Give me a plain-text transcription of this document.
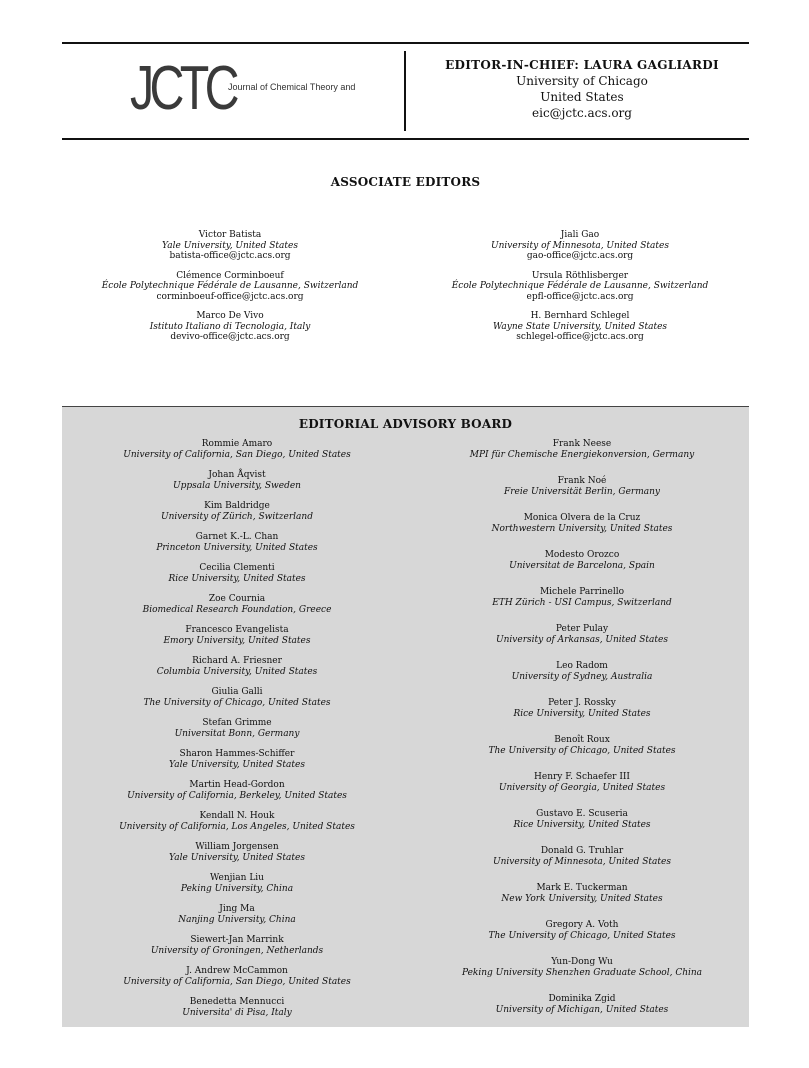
JCTC
Journal of Chemical Theory and
EDITOR-IN-CHIEF: LAURA GAGLIARDI
University of Chicago
United States
eic@jctc.acs.org
ASSOCIATE EDITORS
Victor Batista
Yale University, United States
batista-office@jctc.acs.org
Clémence Corminboeuf
École Polytechnique Fédérale de Lausanne, Switzerland
corminboeuf-office@jctc.acs.org
Marco De Vivo
Istituto Italiano di Tecnologia, Italy
devivo-office@jctc.acs.org
Jiali Gao
University of Minnesota, United States
gao-office@jctc.acs.org
Ursula Röthlisberger
École Polytechnique Fédérale de Lausanne, Switzerland
epfl-office@jctc.acs.org
H. Bernhard Schlegel
Wayne State University, United States
schlegel-office@jctc.acs.org
EDITORIAL ADVISORY BOARD
Rommie Amaro
University of California, San Diego, United States
Johan Åqvist
Uppsala University, Sweden
Kim Baldridge
University of Zürich, Switzerland
Garnet K.-L. Chan
Princeton University, United States
Cecilia Clementi
Rice University, United States
Zoe Cournia
Biomedical Research Foundation, Greece
Francesco Evangelista
Emory University, United States
Richard A. Friesner
Columbia University, United States
Giulia Galli
The University of Chicago, United States
Stefan Grimme
Universitat Bonn, Germany
Sharon Hammes-Schiffer
Yale University, United States
Martin Head-Gordon
University of California, Berkeley, United States
Kendall N. Houk
University of California, Los Angeles, United States
William Jorgensen
Yale University, United States
Wenjian Liu
Peking University, China
Jing Ma
Nanjing University, China
Siewert-Jan Marrink
University of Groningen, Netherlands
J. Andrew McCammon
University of California, San Diego, United States
Benedetta Mennucci
Universita' di Pisa, Italy
Frank Neese
MPI für Chemische Energiekonversion, Germany
Frank Noé
Freie Universität Berlin, Germany
Monica Olvera de la Cruz
Northwestern University, United States
Modesto Orozco
Universitat de Barcelona, Spain
Michele Parrinello
ETH Zürich - USI Campus, Switzerland
Peter Pulay
University of Arkansas, United States
Leo Radom
University of Sydney, Australia
Peter J. Rossky
Rice University, United States
Benoît Roux
The University of Chicago, United States
Henry F. Schaefer III
University of Georgia, United States
Gustavo E. Scuseria
Rice University, United States
Donald G. Truhlar
University of Minnesota, United States
Mark E. Tuckerman
New York University, United States
Gregory A. Voth
The University of Chicago, United States
Yun-Dong Wu
Peking University Shenzhen Graduate School, China
Dominika Zgid
University of Michigan, United States
